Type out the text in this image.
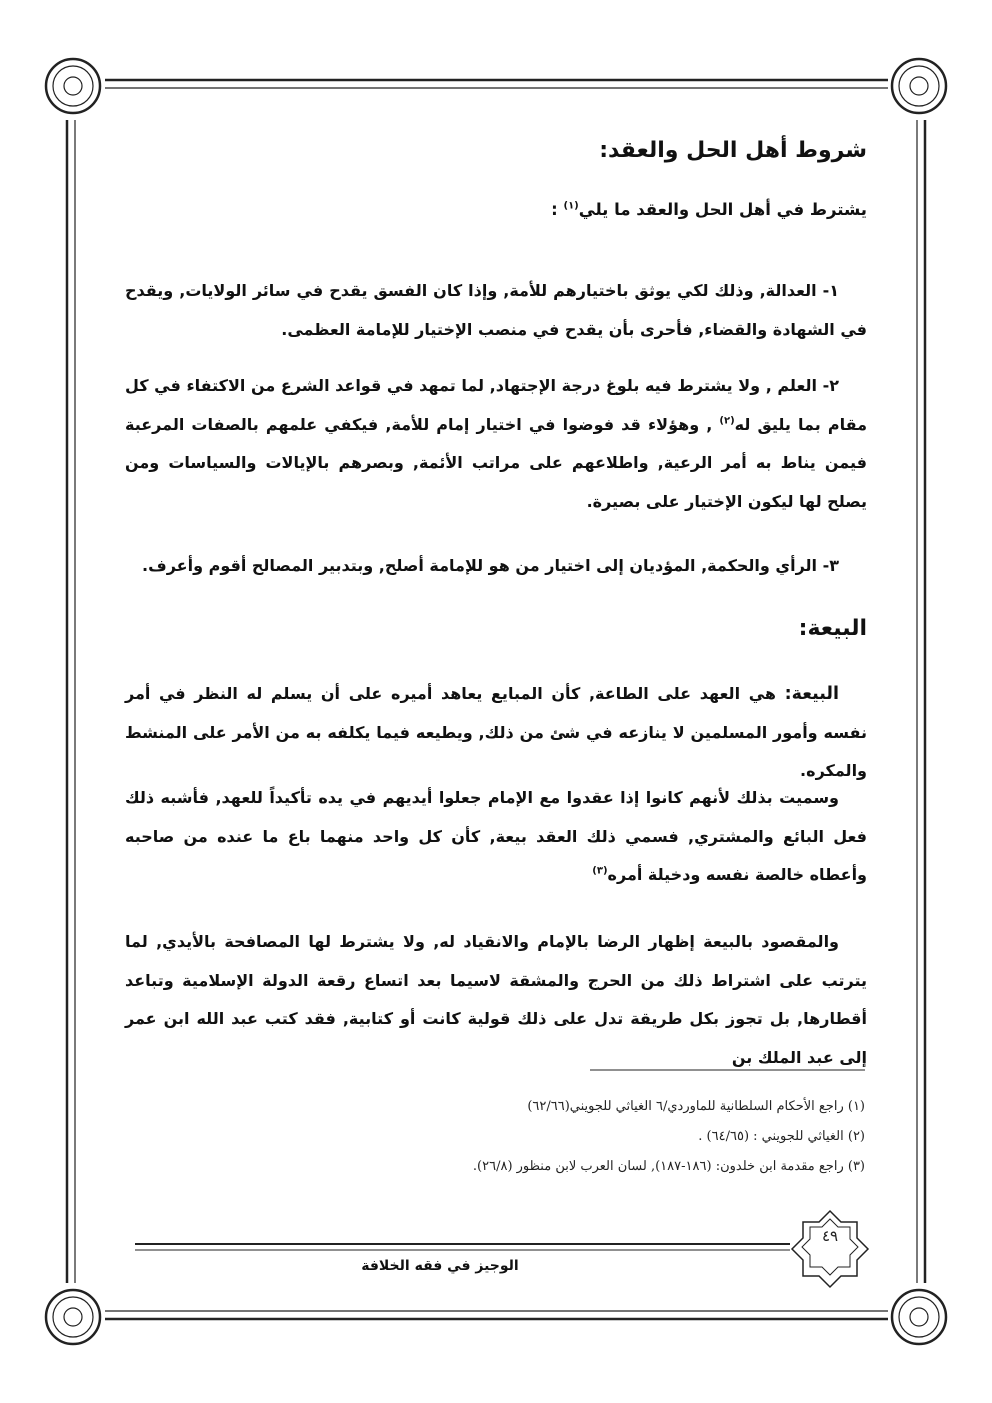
شروط أهل الحل والعقد:
يشترط في أهل الحل والعقد ما يلي$^{(١)}$ :

١- العدالة, وذلك لكي يوثق باختيارهم للأمة, وإذا كان الفسق يقدح في سائر الولايات, ويقدح في الشهادة والقضاء, فأحرى بأن يقدح في منصب الإختيار للإمامة العظمى.

٢- العلم , ولا يشترط فيه بلوغ درجة الإجتهاد, لما تمهد في قواعد الشرع من الاكتفاء في كل مقام بما يليق له$^{(٢)}$ , وهؤلاء قد فوضوا في اختيار إمام للأمة, فيكفي علمهم بالصفات المرعبة فيمن يناط به أمر الرعية, واطلاعهم على مراتب الأئمة, وبصرهم بالإيالات والسياسات ومن يصلح لها ليكون الإختيار على بصيرة.

٣- الرأي والحكمة, المؤديان إلى اختيار من هو للإمامة أصلح, وبتدبير المصالح أقوم وأعرف.

البيعة:

البيعة: هي العهد على الطاعة, كأن المبايع يعاهد أميره على أن يسلم له النظر في أمر نفسه وأمور المسلمين لا ينازعه في شئ من ذلك, ويطيعه فيما يكلفه به من الأمر على المنشط والمكره.

وسميت بذلك لأنهم كانوا إذا عقدوا مع الإمام جعلوا أيديهم في يده تأكيداً للعهد, فأشبه ذلك فعل البائع والمشتري, فسمي ذلك العقد بيعة, كأن كل واحد منهما باع ما عنده من صاحبه وأعطاه خالصة نفسه ودخيلة أمره$^{(٣)}$

والمقصود بالبيعة إظهار الرضا بالإمام والانقياد له, ولا يشترط لها المصافحة بالأيدي, لما يترتب على اشتراط ذلك من الحرج والمشقة لاسيما بعد اتساع رقعة الدولة الإسلامية وتباعد أقطارها, بل تجوز بكل طريقة تدل على ذلك قولية كانت أو كتابية, فقد كتب عبد الله ابن عمر إلى عبد الملك بن

(١) راجع الأحكام السلطانية للماوردي/٦ الغياثي للجويني(٦٢/٦٦)
(٢) الغياثي للجويني : (٦٤/٦٥) .
(٣) راجع مقدمة ابن خلدون: (١٨٦-١٨٧), لسان العرب لابن منظور (٢٦/٨).
الوجيز في فقه الخلافة
٤٩
